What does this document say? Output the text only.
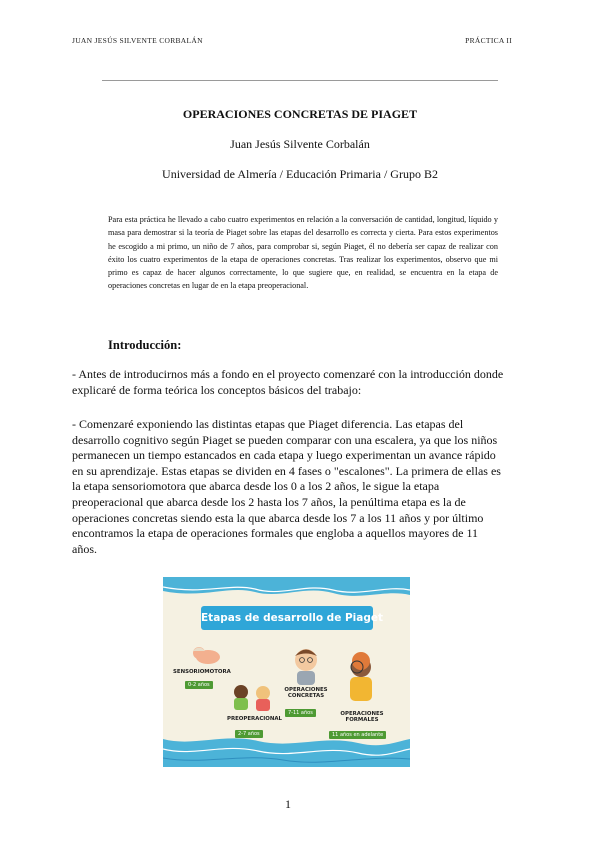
JUAN JESÚS SILVENTE CORBALÁN	PRÁCTICA II
OPERACIONES CONCRETAS DE PIAGET
Juan Jesús Silvente Corbalán
Universidad de Almería / Educación Primaria / Grupo B2
Para esta práctica he llevado a cabo cuatro experimentos en relación a la conversación de cantidad, longitud, líquido y masa para demostrar si la teoría de Piaget sobre las etapas del desarrollo es correcta y cierta. Para estos experimentos he escogido a mi primo, un niño de 7 años, para comprobar si, según Piaget, él no debería ser capaz de realizar con éxito los cuatro experimentos de la etapa de operaciones concretas. Tras realizar los experimentos, observo que mi primo es capaz de hacer algunos correctamente, lo que sugiere que, en realidad, se encuentra en la etapa de operaciones concretas en lugar de en la etapa preoperacional.
Introducción:
- Antes de introducirnos más a fondo en el proyecto comenzaré con la introducción donde explicaré de forma teórica los conceptos básicos del trabajo:
- Comenzaré exponiendo las distintas etapas que Piaget diferencia. Las etapas del desarrollo cognitivo según Piaget se pueden comparar con una escalera, ya que los niños permanecen un tiempo estancados en cada etapa y luego experimentan un avance rápido en su aprendizaje. Estas etapas se dividen en 4 fases o "escalones". La primera de ellas es la etapa sensoriomotora que abarca desde los 0 a los 2 años, le sigue la etapa preoperacional que abarca desde los 2 hasta los 7 años, la penúltima etapa es la de operaciones concretas siendo esta la que abarca desde los 7 a los 11 años y por último encontramos la etapa de operaciones formales que engloba a aquellos mayores de 11 años.
Etapas de desarrollo de Piaget
SENSORIOMOTORA
0-2 años
PREOPERACIONAL
2-7 años
OPERACIONES CONCRETAS
7-11 años	OPERACIONES FORMALES
11 años en adelante
1
